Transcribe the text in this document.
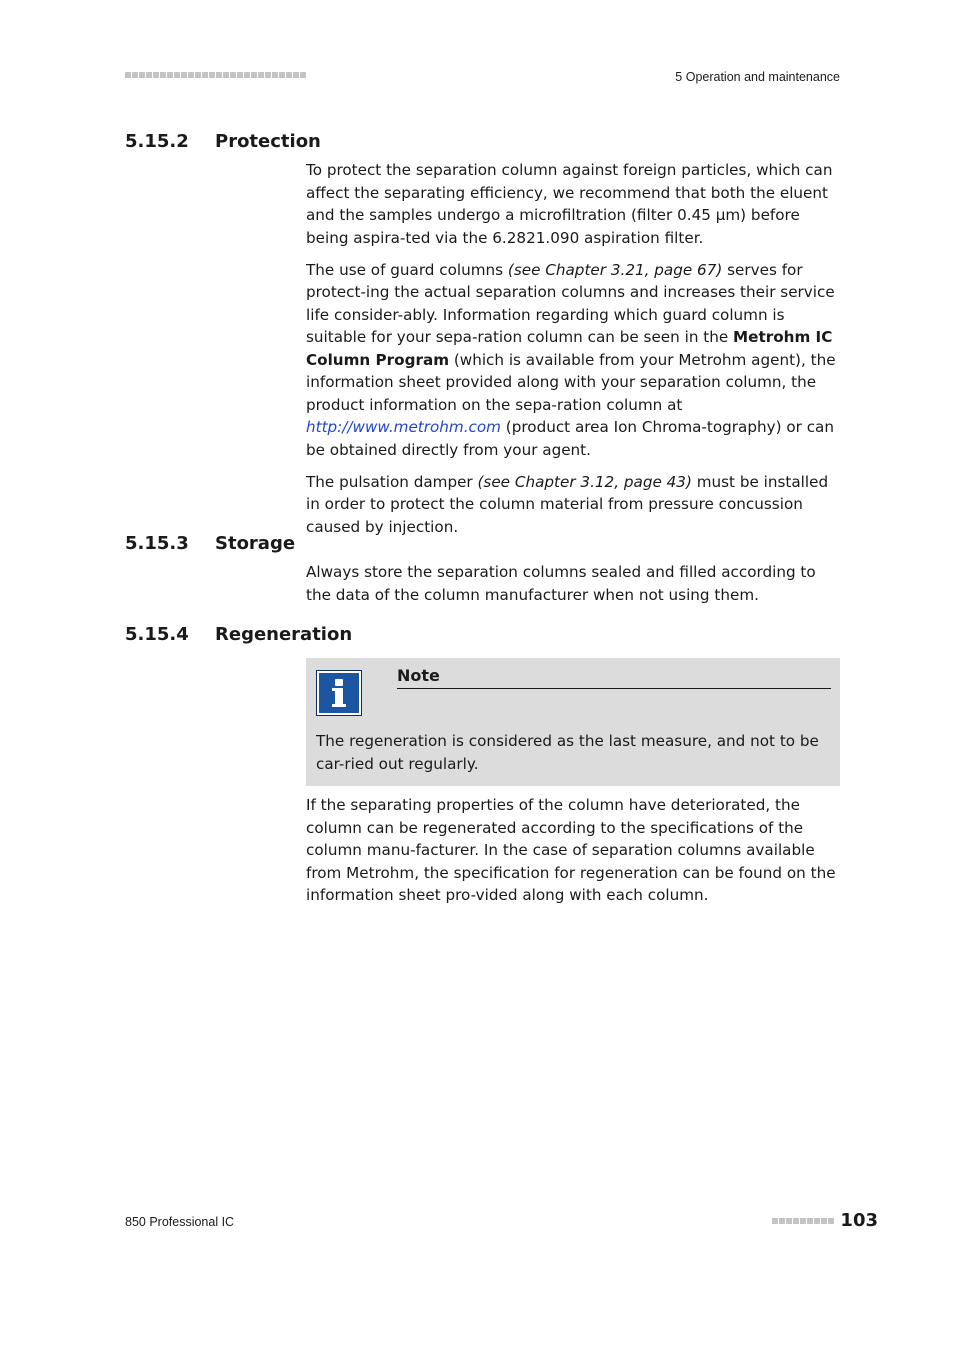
5 Operation and maintenance
5.15.2 Protection

To protect the separation column against foreign particles, which can affect the separating efficiency, we recommend that both the eluent and the samples undergo a microfiltration (filter 0.45 µm) before being aspira-ted via the 6.2821.090 aspiration filter.

The use of guard columns (see Chapter 3.21, page 67) serves for protect-ing the actual separation columns and increases their service life consider-ably. Information regarding which guard column is suitable for your sepa-ration column can be seen in the Metrohm IC Column Program (which is available from your Metrohm agent), the information sheet provided along with your separation column, the product information on the sepa-ration column at http://www.metrohm.com (product area Ion Chroma-tography) or can be obtained directly from your agent.

The pulsation damper (see Chapter 3.12, page 43) must be installed in order to protect the column material from pressure concussion caused by injection.

5.15.3 Storage

Always store the separation columns sealed and filled according to the data of the column manufacturer when not using them.

5.15.4 Regeneration
Note
The regeneration is considered as the last measure, and not to be car-ried out regularly.

If the separating properties of the column have deteriorated, the column can be regenerated according to the specifications of the column manu-facturer. In the case of separation columns available from Metrohm, the specification for regeneration can be found on the information sheet pro-vided along with each column.

850 Professional IC	103
